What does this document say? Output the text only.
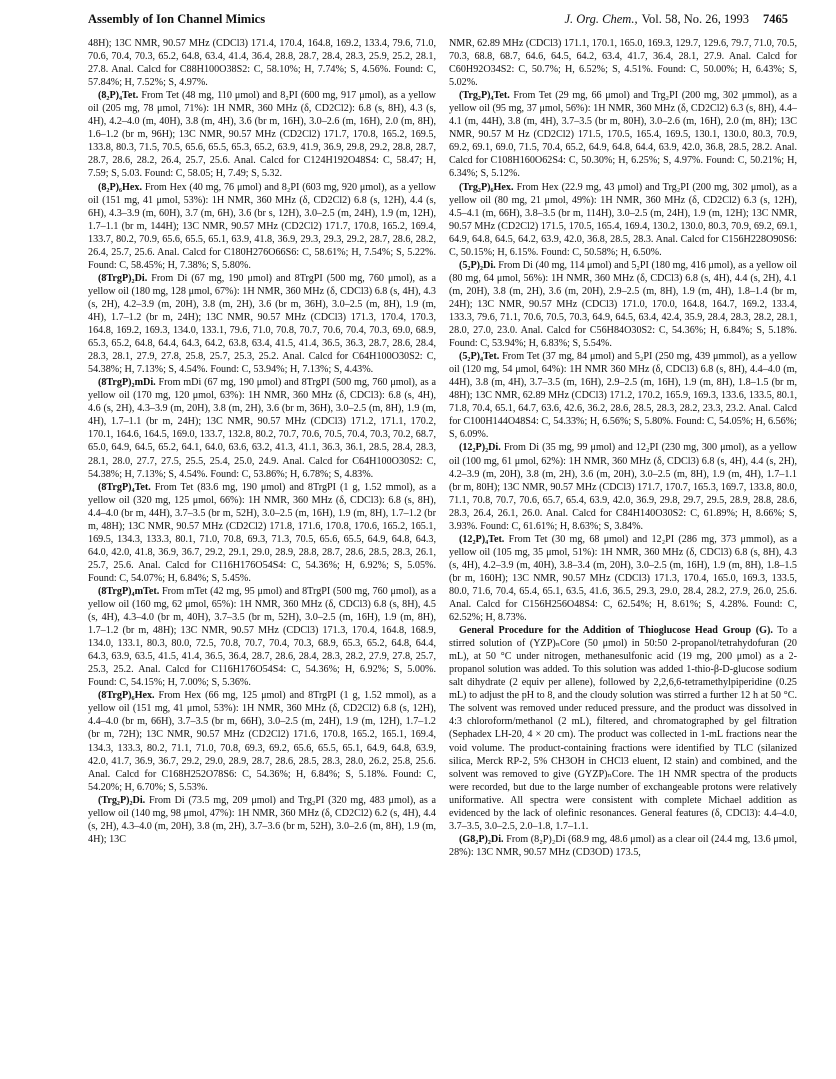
Assembly of Ion Channel Mimics	J. Org. Chem., Vol. 58, No. 26, 1993 7465

48H); 13C NMR, 90.57 MHz (CDCl3) 171.4, 170.4, 164.8, 169.2, 133.4, 79.6, 71.0, 70.6, 70.4, 70.3, 65.2, 64.8, 63.4, 41.4, 36.4, 28.8, 28.7, 28.4, 28.3, 25.9, 25.2, 28.1, 27.8. Anal. Calcd for C88H100O38S2: C, 58.10%; H, 7.74%; S, 4.56%. Found: C, 57.84%; H, 7.52%; S, 4.97%.

(8₂P)₄Tet. From Tet (48 mg, 110 μmol) and 8₂PI (600 mg, 917 μmol), as a yellow oil (205 mg, 78 μmol, 71%): 1H NMR, 360 MHz (δ, CD2Cl2): 6.8 (s, 8H), 4.3 (s, 4H), 4.2–4.0 (m, 40H), 3.8 (m, 4H), 3.6 (br m, 16H), 3.0–2.6 (m, 16H), 2.0 (m, 8H), 1.6–1.2 (br m, 96H); 13C NMR, 90.57 MHz (CD2Cl2) 171.7, 170.8, 165.2, 169.5, 133.8, 80.3, 71.5, 70.5, 65.6, 65.5, 65.3, 65.2, 63.9, 41.9, 36.9, 29.8, 29.2, 28.8, 28.7, 28.7, 28.6, 28.2, 26.4, 25.7, 25.6. Anal. Calcd for C124H192O48S4: C, 58.47; H, 7.59; S, 5.03. Found: C, 58.05; H, 7.49; S, 5.32.

(8₂P)₆Hex. From Hex (40 mg, 76 μmol) and 8₂PI (603 mg, 920 μmol), as a yellow oil (151 mg, 41 μmol, 53%): 1H NMR, 360 MHz (δ, CD2Cl2) 6.8 (s, 12H), 4.4 (s, 6H), 4.3–3.9 (m, 60H), 3.7 (m, 6H), 3.6 (br s, 12H), 3.0–2.5 (m, 24H), 1.9 (m, 12H), 1.7–1.1 (br m, 144H); 13C NMR, 90.57 MHz (CD2Cl2) 171.7, 170.8, 165.2, 169.4, 133.7, 80.2, 70.9, 65.6, 65.5, 65.1, 63.9, 41.8, 36.9, 29.3, 29.3, 29.2, 28.7, 28.6, 28.2, 26.4, 25.7, 25.6. Anal. Calcd for C180H276O66S6: C, 58.61%; H, 7.54%; S, 5.22%. Found: C, 58.45%; H, 7.38%; S, 5.80%.

(8TrgP)₂Di. From Di (67 mg, 190 μmol) and 8TrgPI (500 mg, 760 μmol), as a yellow oil (180 mg, 128 μmol, 67%): 1H NMR, 360 MHz (δ, CDCl3) 6.8 (s, 4H), 4.3 (s, 2H), 4.2–3.9 (m, 20H), 3.8 (m, 2H), 3.6 (br m, 36H), 3.0–2.5 (m, 8H), 1.9 (m, 4H), 1.7–1.2 (br m, 24H); 13C NMR, 90.57 MHz (CDCl3) 171.3, 170.4, 170.3, 164.8, 169.2, 169.3, 134.0, 133.1, 79.6, 71.0, 70.8, 70.7, 70.6, 70.4, 70.3, 69.0, 68.9, 65.3, 65.2, 64.8, 64.4, 64.3, 64.2, 63.8, 63.4, 41.5, 41.4, 36.5, 36.3, 28.7, 28.6, 28.4, 28.3, 28.1, 27.9, 27.8, 25.8, 25.7, 25.3, 25.2. Anal. Calcd for C64H100O30S2: C, 54.38%; H, 7.13%; S, 4.54%. Found: C, 53.94%; H, 7.13%; S, 4.43%.

(8TrgP)₂mDi. From mDi (67 mg, 190 μmol) and 8TrgPI (500 mg, 760 μmol), as a yellow oil (170 mg, 120 μmol, 63%): 1H NMR, 360 MHz (δ, CDCl3): 6.8 (s, 4H), 4.6 (s, 2H), 4.3–3.9 (m, 20H), 3.8 (m, 2H), 3.6 (br m, 36H), 3.0–2.5 (m, 8H), 1.9 (m, 4H), 1.7–1.1 (br m, 24H); 13C NMR, 90.57 MHz (CDCl3) 171.2, 171.1, 170.2, 170.1, 164.6, 164.5, 169.0, 133.7, 132.8, 80.2, 70.7, 70.6, 70.5, 70.4, 70.3, 70.2, 68.7, 65.0, 64.9, 64.5, 65.2, 64.1, 64.0, 63.6, 63.2, 41.3, 41.1, 36.3, 36.1, 28.5, 28.4, 28.3, 28.1, 28.0, 27.7, 27.5, 25.5, 25.4, 25.0, 24.9. Anal. Calcd for C64H100O30S2: C, 54.38%; H, 7.13%; S, 4.54%. Found: C, 53.86%; H, 6.78%; S, 4.83%.

(8TrgP)₄Tet. From Tet (83.6 mg, 190 μmol) and 8TrgPI (1 g, 1.52 mmol), as a yellow oil (320 mg, 125 μmol, 66%): 1H NMR, 360 MHz (δ, CDCl3): 6.8 (s, 8H), 4.4–4.0 (br m, 44H), 3.7–3.5 (br m, 52H), 3.0–2.5 (m, 16H), 1.9 (m, 8H), 1.7–1.2 (br m, 48H); 13C NMR, 90.57 MHz (CD2Cl2) 171.8, 171.6, 170.8, 170.6, 165.2, 165.1, 169.5, 134.3, 133.3, 80.1, 71.0, 70.8, 69.3, 71.3, 70.5, 65.6, 65.5, 64.9, 64.8, 64.3, 64.0, 42.0, 41.8, 36.9, 36.7, 29.2, 29.1, 29.0, 28.9, 28.8, 28.7, 28.6, 28.5, 28.3, 26.1, 25.7, 25.6. Anal. Calcd for C116H176O54S4: C, 54.36%; H, 6.92%; S, 5.05%. Found: C, 54.07%; H, 6.84%; S, 5.45%.

(8TrgP)₄mTet. From mTet (42 mg, 95 μmol) and 8TrgPI (500 mg, 760 μmol), as a yellow oil (160 mg, 62 μmol, 65%): 1H NMR, 360 MHz (δ, CDCl3) 6.8 (s, 8H), 4.5 (s, 4H), 4.3–4.0 (br m, 40H), 3.7–3.5 (br m, 52H), 3.0–2.5 (m, 16H), 1.9 (m, 8H), 1.7–1.2 (br m, 48H); 13C NMR, 90.57 MHz (CDCl3) 171.3, 170.4, 164.8, 168.9, 134.0, 133.1, 80.3, 80.0, 72.5, 70.8, 70.7, 70.4, 70.3, 68.9, 65.3, 65.2, 64.8, 64.4, 64.3, 63.9, 63.5, 41.5, 41.4, 36.5, 36.4, 28.7, 28.6, 28.4, 28.3, 28.2, 27.9, 27.8, 25.7, 25.3, 25.2. Anal. Calcd for C116H176O54S4: C, 54.36%; H, 6.92%; S, 5.00%. Found: C, 54.15%; H, 7.00%; S, 5.36%.

(8TrgP)₆Hex. From Hex (66 mg, 125 μmol) and 8TrgPI (1 g, 1.52 mmol), as a yellow oil (151 mg, 41 μmol, 53%): 1H NMR, 360 MHz (δ, CD2Cl2) 6.8 (s, 12H), 4.4–4.0 (br m, 66H), 3.7–3.5 (br m, 66H), 3.0–2.5 (m, 24H), 1.9 (m, 12H), 1.7–1.2 (br m, 72H); 13C NMR, 90.57 MHz (CD2Cl2) 171.6, 170.8, 165.2, 165.1, 169.4, 134.3, 133.3, 80.2, 71.1, 71.0, 70.8, 69.3, 69.2, 65.6, 65.5, 65.1, 64.9, 64.8, 63.9, 42.0, 41.7, 36.9, 36.7, 29.2, 29.0, 28.9, 28.7, 28.6, 28.5, 28.3, 28.0, 26.2, 25.8, 25.6. Anal. Calcd for C168H252O78S6: C, 54.36%; H, 6.84%; S, 5.18%. Found: C, 54.20%; H, 6.70%; S, 5.53%.

(Trg₂P)₂Di. From Di (73.5 mg, 209 μmol) and Trg₂PI (320 mg, 483 μmol), as a yellow oil (140 mg, 98 μmol, 47%): 1H NMR, 360 MHz (δ, CD2Cl2) 6.2 (s, 4H), 4.4 (s, 2H), 4.3–4.0 (m, 20H), 3.8 (m, 2H), 3.7–3.6 (br m, 52H), 3.0–2.6 (m, 8H), 1.9 (m, 4H); 13C

NMR, 62.89 MHz (CDCl3) 171.1, 170.1, 165.0, 169.3, 129.7, 129.6, 79.7, 71.0, 70.5, 70.3, 68.8, 68.7, 64.6, 64.5, 64.2, 63.4, 41.7, 36.4, 28.1, 27.9. Anal. Calcd for C60H92O34S2: C, 50.7%; H, 6.52%; S, 4.51%. Found: C, 50.00%; H, 6.43%; S, 5.02%.

(Trg₂P)₄Tet. From Tet (29 mg, 66 μmol) and Trg₂PI (200 mg, 302 μmmol), as a yellow oil (95 mg, 37 μmol, 56%): 1H NMR, 360 MHz (δ, CD2Cl2) 6.3 (s, 8H), 4.4–4.1 (m, 44H), 3.8 (m, 4H), 3.7–3.5 (br m, 80H), 3.0–2.6 (m, 16H), 2.0 (m, 8H); 13C NMR, 90.57 M Hz (CD2Cl2) 171.5, 170.5, 165.4, 169.5, 130.1, 130.0, 80.3, 70.9, 69.2, 69.1, 69.0, 71.5, 70.4, 65.2, 64.9, 64.8, 64.4, 63.9, 42.0, 36.8, 28.5, 28.2. Anal. Calcd for C108H160O62S4: C, 50.30%; H, 6.25%; S, 4.97%. Found: C, 50.21%; H, 6.34%; S, 5.12%.

(Trg₂P)₆Hex. From Hex (22.9 mg, 43 μmol) and Trg₂PI (200 mg, 302 μmol), as a yellow oil (80 mg, 21 μmol, 49%): 1H NMR, 360 MHz (δ, CD2Cl2) 6.3 (s, 12H), 4.5–4.1 (m, 66H), 3.8–3.5 (br m, 114H), 3.0–2.5 (m, 24H), 1.9 (m, 12H); 13C NMR, 90.57 MHz (CD2Cl2) 171.5, 170.5, 165.4, 169.4, 130.2, 130.0, 80.3, 70.9, 69.2, 69.1, 64.9, 64.8, 64.5, 64.2, 63.9, 42.0, 36.8, 28.5, 28.3. Anal. Calcd for C156H228O90S6: C, 50.15%; H, 6.15%. Found: C, 50.58%; H, 6.50%.

(5₂P)₂Di. From Di (40 mg, 114 μmol) and 5₂PI (180 mg, 416 μmol), as a yellow oil (80 mg, 64 μmol, 56%): 1H NMR, 360 MHz (δ, CDCl3) 6.8 (s, 4H), 4.4 (s, 2H), 4.1 (m, 20H), 3.8 (m, 2H), 3.6 (m, 20H), 2.9–2.5 (m, 8H), 1.9 (m, 4H), 1.8–1.4 (br m, 24H); 13C NMR, 90.57 MHz (CDCl3) 171.0, 170.0, 164.8, 164.7, 169.2, 133.4, 133.3, 79.6, 71.1, 70.6, 70.5, 70.3, 64.9, 64.5, 63.4, 42.4, 35.9, 28.4, 28.3, 28.2, 28.1, 28.0, 27.0, 23.0. Anal. Calcd for C56H84O30S2: C, 54.36%; H, 6.84%; S, 5.18%. Found: C, 53.94%; H, 6.83%; S, 5.54%.

(5₂P)₄Tet. From Tet (37 mg, 84 μmol) and 5₂PI (250 mg, 439 μmmol), as a yellow oil (120 mg, 54 μmol, 64%): 1H NMR 360 MHz (δ, CDCl3) 6.8 (s, 8H), 4.4–4.0 (m, 44H), 3.8 (m, 4H), 3.7–3.5 (m, 16H), 2.9–2.5 (m, 16H), 1.9 (m, 8H), 1.8–1.5 (br m, 48H); 13C NMR, 62.89 MHz (CDCl3) 171.2, 170.2, 165.9, 169.3, 133.6, 133.5, 80.1, 71.8, 70.4, 65.1, 64.7, 63.6, 42.6, 36.2, 28.6, 28.5, 28.3, 28.2, 23.3, 23.2. Anal. Calcd for C100H144O48S4: C, 54.33%; H, 6.56%; S, 5.80%. Found: C, 54.05%; H, 6.56%; S, 6.09%.

(12₂P)₂Di. From Di (35 mg, 99 μmol) and 12₂PI (230 mg, 300 μmol), as a yellow oil (100 mg, 61 μmol, 62%): 1H NMR, 360 MHz (δ, CDCl3) 6.8 (s, 4H), 4.4 (s, 2H), 4.2–3.9 (m, 20H), 3.8 (m, 2H), 3.6 (m, 20H), 3.0–2.5 (m, 8H), 1.9 (m, 4H), 1.7–1.1 (br m, 80H); 13C NMR, 90.57 MHz (CDCl3) 171.7, 170.7, 165.3, 169.7, 133.8, 80.0, 71.1, 70.8, 70.7, 70.6, 65.7, 65.4, 63.9, 42.0, 36.9, 29.8, 29.7, 29.5, 28.9, 28.8, 28.6, 28.3, 26.4, 26.1, 26.0. Anal. Calcd for C84H140O30S2: C, 61.89%; H, 8.66%; S, 3.93%. Found: C, 61.61%; H, 8.63%; S, 3.84%.

(12₂P)₄Tet. From Tet (30 mg, 68 μmol) and 12₂PI (286 mg, 373 μmmol), as a yellow oil (105 mg, 35 μmol, 51%): 1H NMR, 360 MHz (δ, CDCl3) 6.8 (s, 8H), 4.3 (s, 4H), 4.2–3.9 (m, 40H), 3.8–3.4 (m, 20H), 3.0–2.5 (m, 16H), 1.9 (m, 8H), 1.8–1.5 (br m, 160H); 13C NMR, 90.57 MHz (CDCl3) 171.3, 170.4, 165.0, 169.3, 133.5, 80.0, 71.6, 70.4, 65.4, 65.1, 63.5, 41.6, 36.5, 29.3, 29.0, 28.4, 28.2, 27.9, 26.0, 25.6. Anal. Calcd for C156H256O48S4: C, 62.54%; H, 8.61%; S, 4.28%. Found: C, 62.52%; H, 8.73%.

General Procedure for the Addition of Thioglucose Head Group (G). To a stirred solution of (YZP)ₙCore (50 μmol) in 50:50 2-propanol/tetrahydofuran (20 mL), at 50 °C under nitrogen, methanesulfonic acid (19 mg, 200 μmol) as a 2-propanol solution was added. To this solution was added 1-thio-β-D-glucose sodium salt dihydrate (2 equiv per allene), followed by 2,2,6,6-tetramethylpiperidine (0.25 mL) to adjust the pH to 8, and the cloudy solution was stirred a further 12 h at 50 °C. The solvent was removed under reduced pressure, and the product was dissolved in 4:3 chloroform/methanol (2 mL), filtered, and chromatographed by gel filtration (Sephadex LH-20, 4 × 20 cm). The product was collected in 1-mL fractions near the void volume. The product-containing fractions were identified by TLC (silanized silica, Merck RP-2, 5% CH3OH in CHCl3 eluent, I2 stain) and combined, and the solvent was removed to give (GYZP)ₙCore. The 1H NMR spectra of the products were recorded, but due to the large number of exchangeable protons were relatively uniformative. All spectra were consistent with complete Michael addition as evidenced by the lack of olefinic resonances. General features (δ, CDCl3): 4.4–4.0, 3.7–3.5, 3.0–2.5, 2.0–1.8, 1.7–1.1.

(G8₂P)₂Di. From (8₂P)₂Di (68.9 mg, 48.6 μmol) as a clear oil (24.4 mg, 13.6 μmol, 28%): 13C NMR, 90.57 MHz (CD3OD) 173.5,
